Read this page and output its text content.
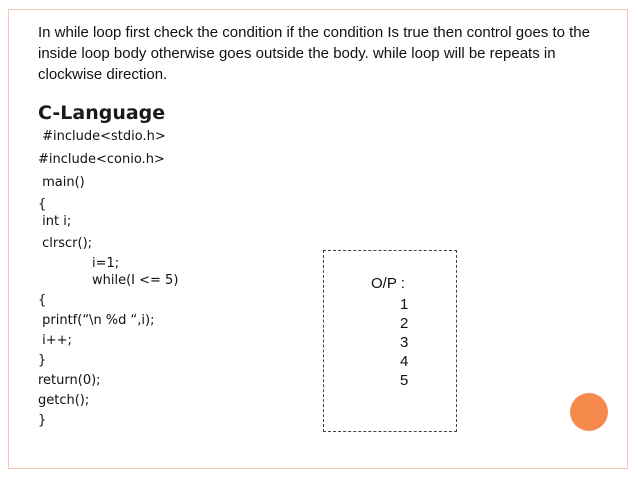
In while loop first check the condition if the condition Is true then control goes to the inside loop body otherwise goes outside the body. while loop will be repeats in clockwise direction.
C-Language
#include<stdio.h>
#include<conio.h>
main()
{
int i;
clrscr();
i=1;
while(I <= 5)
{
printf(“\n %d “,i);
i++;
}
return(0);
getch();
}
O/P :
1
2
3
4
5
